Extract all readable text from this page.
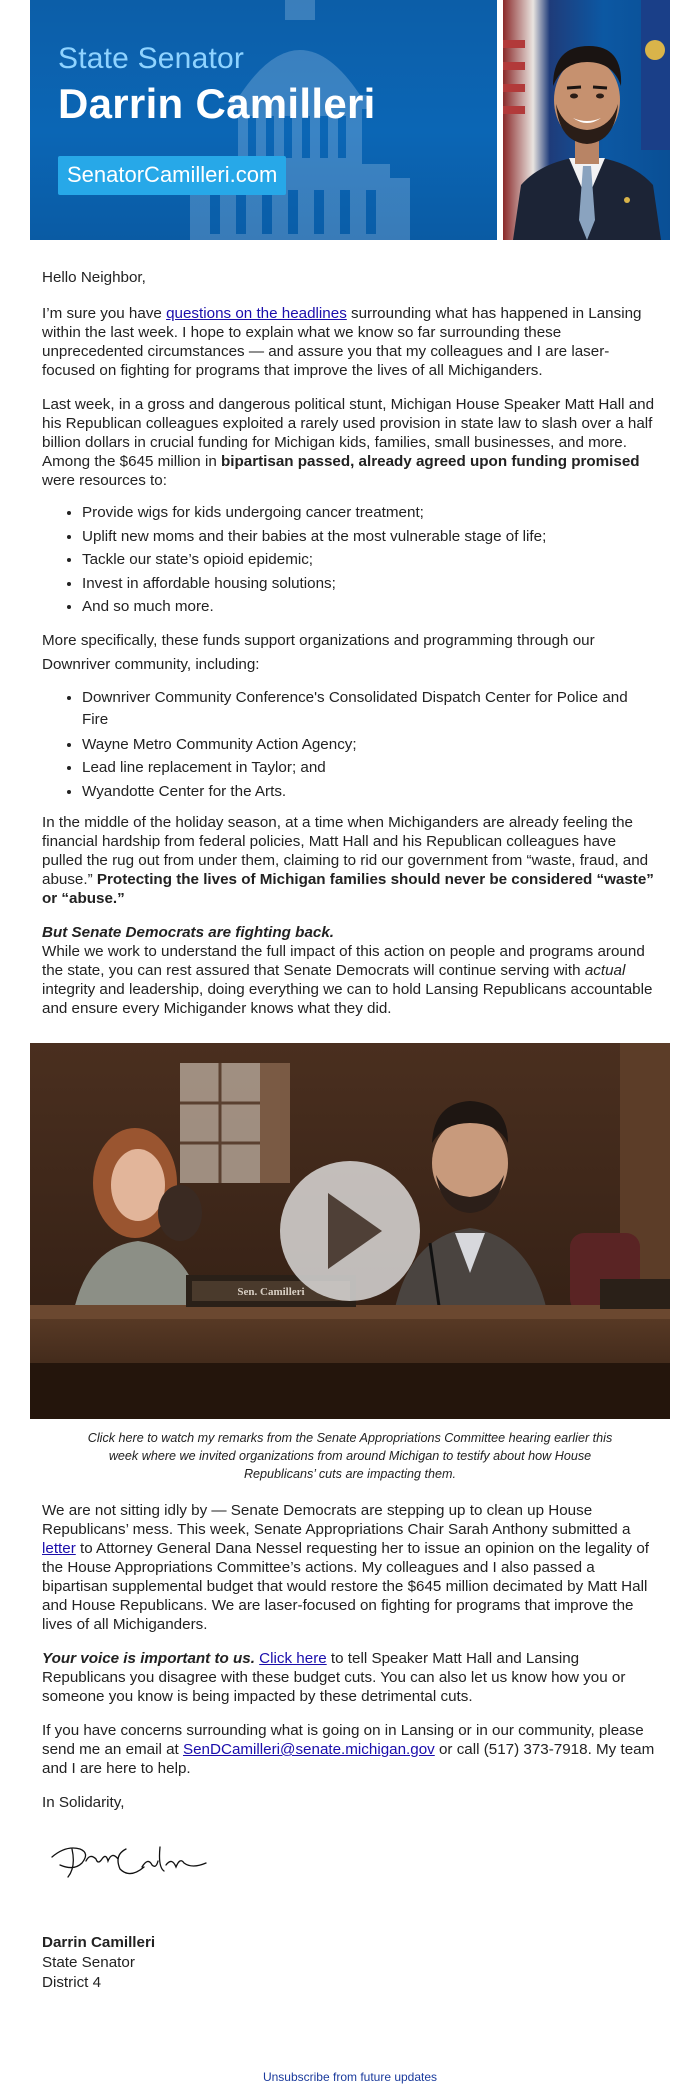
State Senator
Darrin Camilleri
SenatorCamilleri.com

Hello Neighbor,

I’m sure you have questions on the headlines surrounding what has happened in Lansing within the last week. I hope to explain what we know so far surrounding these unprecedented circumstances — and assure you that my colleagues and I are laser-focused on fighting for programs that improve the lives of all Michiganders.

Last week, in a gross and dangerous political stunt, Michigan House Speaker Matt Hall and his Republican colleagues exploited a rarely used provision in state law to slash over a half billion dollars in crucial funding for Michigan kids, families, small businesses, and more. Among the $645 million in bipartisan passed, already agreed upon funding promised were resources to:

• Provide wigs for kids undergoing cancer treatment;
• Uplift new moms and their babies at the most vulnerable stage of life;
• Tackle our state’s opioid epidemic;
• Invest in affordable housing solutions;
• And so much more.

More specifically, these funds support organizations and programming through our Downriver community, including:

• Downriver Community Conference's Consolidated Dispatch Center for Police and Fire
• Wayne Metro Community Action Agency;
• Lead line replacement in Taylor; and
• Wyandotte Center for the Arts.

In the middle of the holiday season, at a time when Michiganders are already feeling the financial hardship from federal policies, Matt Hall and his Republican colleagues have pulled the rug out from under them, claiming to rid our government from “waste, fraud, and abuse.” Protecting the lives of Michigan families should never be considered “waste” or “abuse.”

But Senate Democrats are fighting back.
While we work to understand the full impact of this action on people and programs around the state, you can rest assured that Senate Democrats will continue serving with actual integrity and leadership, doing everything we can to hold Lansing Republicans accountable and ensure every Michigander knows what they did.

Sen. Camilleri
Click here to watch my remarks from the Senate Appropriations Committee hearing earlier this week where we invited organizations from around Michigan to testify about how House Republicans’ cuts are impacting them.

We are not sitting idly by — Senate Democrats are stepping up to clean up House Republicans’ mess. This week, Senate Appropriations Chair Sarah Anthony submitted a letter to Attorney General Dana Nessel requesting her to issue an opinion on the legality of the House Appropriations Committee’s actions. My colleagues and I also passed a bipartisan supplemental budget that would restore the $645 million decimated by Matt Hall and House Republicans. We are laser-focused on fighting for programs that improve the lives of all Michiganders.

Your voice is important to us. Click here to tell Speaker Matt Hall and Lansing Republicans you disagree with these budget cuts. You can also let us know how you or someone you know is being impacted by these detrimental cuts.

If you have concerns surrounding what is going on in Lansing or in our community, please send me an email at SenDCamilleri@senate.michigan.gov or call (517) 373-7918. My team and I are here to help.

In Solidarity,

Darrin Camilleri
State Senator
District 4
Unsubscribe from future updates
